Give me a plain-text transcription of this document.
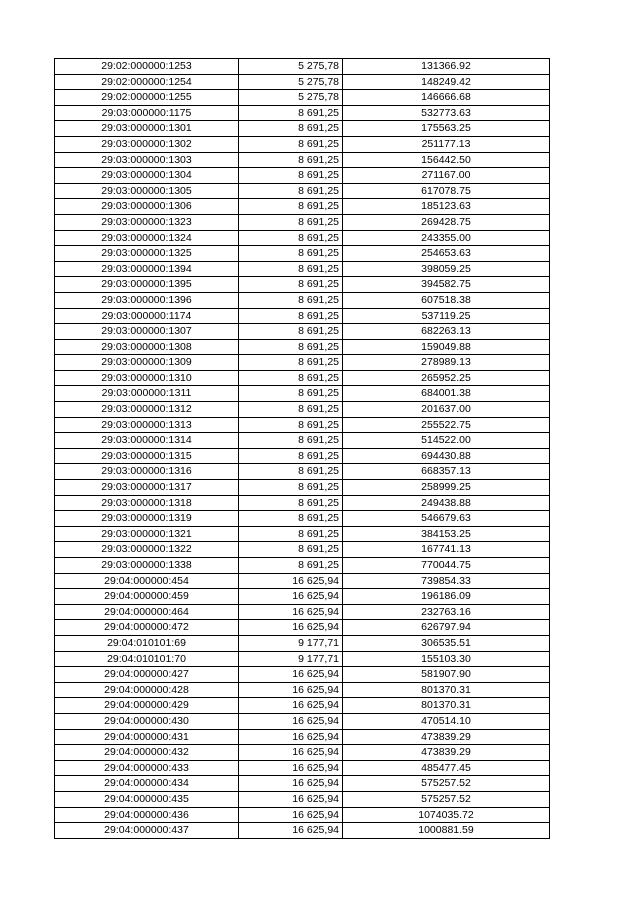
29:02:000000:1253	5 275,78	131366.92
29:02:000000:1254	5 275,78	148249.42
29:02:000000:1255	5 275,78	146666.68
29:03:000000:1175	8 691,25	532773.63
29:03:000000:1301	8 691,25	175563.25
29:03:000000:1302	8 691,25	251177.13
29:03:000000:1303	8 691,25	156442.50
29:03:000000:1304	8 691,25	271167.00
29:03:000000:1305	8 691,25	617078.75
29:03:000000:1306	8 691,25	185123.63
29:03:000000:1323	8 691,25	269428.75
29:03:000000:1324	8 691,25	243355.00
29:03:000000:1325	8 691,25	254653.63
29:03:000000:1394	8 691,25	398059.25
29:03:000000:1395	8 691,25	394582.75
29:03:000000:1396	8 691,25	607518.38
29:03:000000:1174	8 691,25	537119.25
29:03:000000:1307	8 691,25	682263.13
29:03:000000:1308	8 691,25	159049.88
29:03:000000:1309	8 691,25	278989.13
29:03:000000:1310	8 691,25	265952.25
29:03:000000:1311	8 691,25	684001.38
29:03:000000:1312	8 691,25	201637.00
29:03:000000:1313	8 691,25	255522.75
29:03:000000:1314	8 691,25	514522.00
29:03:000000:1315	8 691,25	694430.88
29:03:000000:1316	8 691,25	668357.13
29:03:000000:1317	8 691,25	258999.25
29:03:000000:1318	8 691,25	249438.88
29:03:000000:1319	8 691,25	546679.63
29:03:000000:1321	8 691,25	384153.25
29:03:000000:1322	8 691,25	167741.13
29:03:000000:1338	8 691,25	770044.75
29:04:000000:454	16 625,94	739854.33
29:04:000000:459	16 625,94	196186.09
29:04:000000:464	16 625,94	232763.16
29:04:000000:472	16 625,94	626797.94
29:04:010101:69	9 177,71	306535.51
29:04:010101:70	9 177,71	155103.30
29:04:000000:427	16 625,94	581907.90
29:04:000000:428	16 625,94	801370.31
29:04:000000:429	16 625,94	801370.31
29:04:000000:430	16 625,94	470514.10
29:04:000000:431	16 625,94	473839.29
29:04:000000:432	16 625,94	473839.29
29:04:000000:433	16 625,94	485477.45
29:04:000000:434	16 625,94	575257.52
29:04:000000:435	16 625,94	575257.52
29:04:000000:436	16 625,94	1074035.72
29:04:000000:437	16 625,94	1000881.59
